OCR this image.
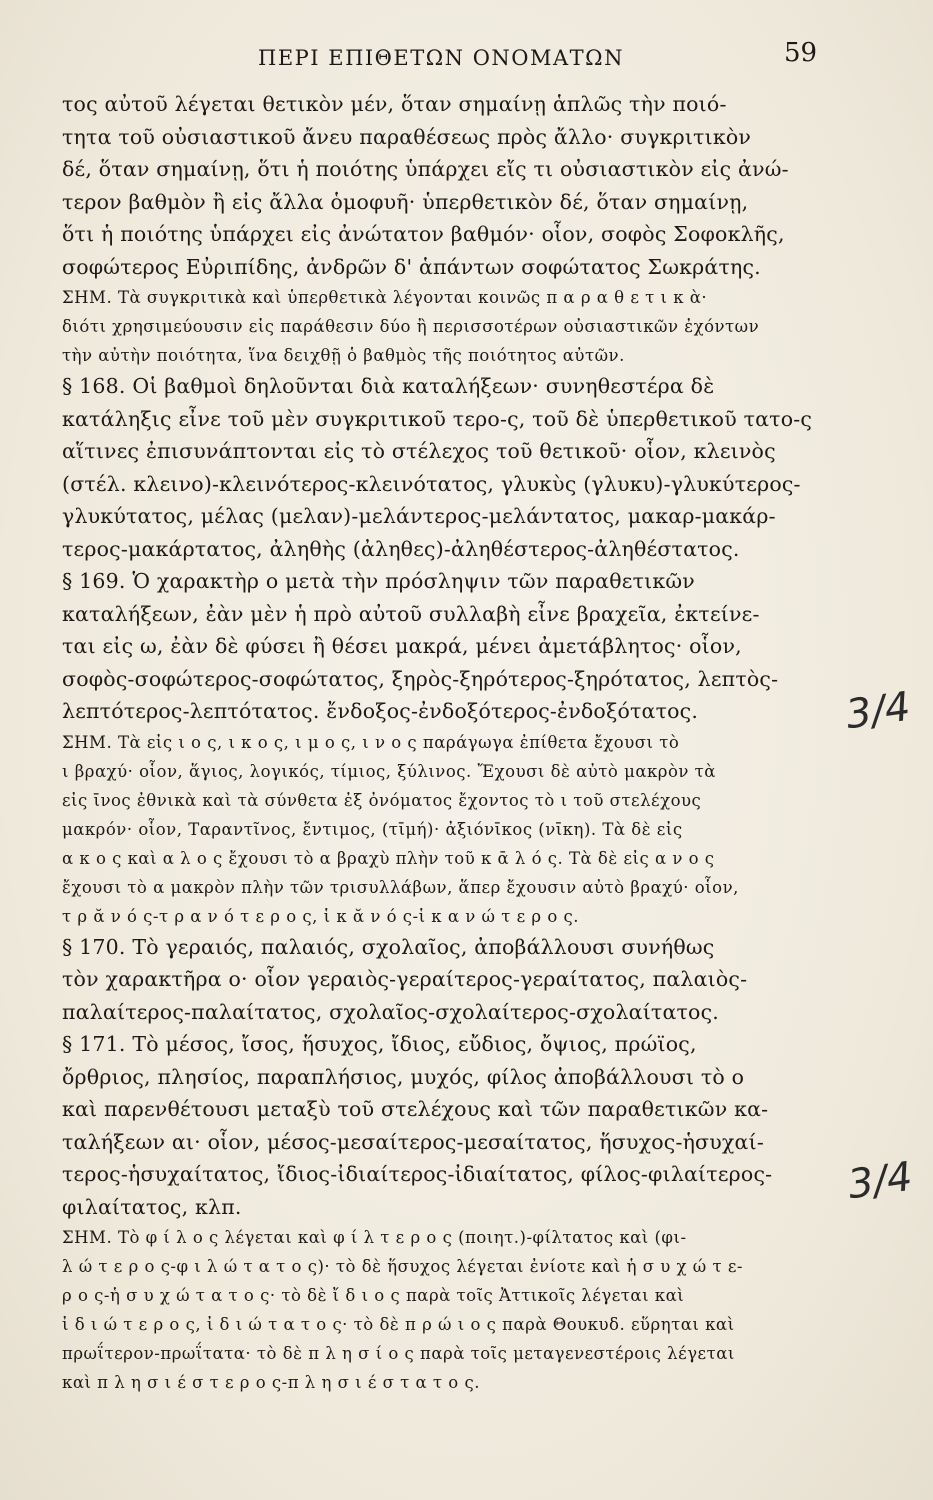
ΠΕΡΙ ΕΠΙΘΕΤΩΝ ΟΝΟΜΑΤΩΝ	59
τος αὐτοῦ λέγεται θετικὸν μέν, ὅταν σημαίνῃ ἁπλῶς τὴν ποιό-
τητα τοῦ οὐσιαστικοῦ ἄνευ παραθέσεως πρὸς ἄλλο· συγκριτικὸν
δέ, ὅταν σημαίνῃ, ὅτι ἡ ποιότης ὑπάρχει εἴς τι οὐσιαστικὸν εἰς ἀνώ-
τερον βαθμὸν ἢ εἰς ἄλλα ὁμοφυῆ· ὑπερθετικὸν δέ, ὅταν σημαίνῃ,
ὅτι ἡ ποιότης ὑπάρχει εἰς ἀνώτατον βαθμόν· οἷον, σοφὸς Σοφοκλῆς,
σοφώτερος Εὐριπίδης, ἀνδρῶν δ' ἁπάντων σοφώτατος Σωκράτης.
ΣΗΜ. Τὰ συγκριτικὰ καὶ ὑπερθετικὰ λέγονται κοινῶς π α ρ α θ ε τ ι κ ὰ·
διότι χρησιμεύουσιν εἰς παράθεσιν δύο ἢ περισσοτέρων οὐσιαστικῶν ἐχόντων
τὴν αὐτὴν ποιότητα, ἵνα δειχθῇ ὁ βαθμὸς τῆς ποιότητος αὐτῶν.
§ 168. Οἱ βαθμοὶ δηλοῦνται διὰ καταλήξεων· συνηθεστέρα δὲ
κατάληξις εἶνε τοῦ μὲν συγκριτικοῦ τερο-ς, τοῦ δὲ ὑπερθετικοῦ τατο-ς
αἵτινες ἐπισυνάπτονται εἰς τὸ στέλεχος τοῦ θετικοῦ· οἷον, κλεινὸς
(στέλ. κλεινο)-κλεινότερος-κλεινότατος, γλυκὺς (γλυκυ)-γλυκύτερος-
γλυκύτατος, μέλας (μελαν)-μελάντερος-μελάντατος, μακαρ-μακάρ-
τερος-μακάρτατος, ἀληθὴς (ἀληθες)-ἀληθέστερος-ἀληθέστατος.
§ 169. Ὁ χαρακτὴρ ο μετὰ τὴν πρόσληψιν τῶν παραθετικῶν
καταλήξεων, ἐὰν μὲν ἡ πρὸ αὐτοῦ συλλαβὴ εἶνε βραχεῖα, ἐκτείνε-
ται εἰς ω, ἐὰν δὲ φύσει ἢ θέσει μακρά, μένει ἀμετάβλητος· οἷον,
σοφὸς-σοφώτερος-σοφώτατος, ξηρὸς-ξηρότερος-ξηρότατος, λεπτὸς-
λεπτότερος-λεπτότατος. ἔνδοξος-ἐνδοξότερος-ἐνδοξότατος.
ΣΗΜ. Τὰ εἰς ι ο ς, ι κ ο ς, ι μ ο ς, ι ν ο ς παράγωγα ἐπίθετα ἔχουσι τὸ
ι βραχύ· οἷον, ἅγιος, λογικός, τίμιος, ξύλινος. Ἔχουσι δὲ αὐτὸ μακρὸν τὰ
εἰς ῑνος ἐθνικὰ καὶ τὰ σύνθετα ἐξ ὀνόματος ἔχοντος τὸ ι τοῦ στελέχους
μακρόν· οἷον, Ταραντῖνος, ἔντιμος, (τῑμή)· ἀξιόνῑκος (νῑκη). Τὰ δὲ εἰς
α κ ο ς καὶ α λ ο ς ἔχουσι τὸ α βραχὺ πλὴν τοῦ κ ᾱ λ ό ς. Τὰ δὲ εἰς α ν ο ς
ἔχουσι τὸ α μακρὸν πλὴν τῶν τρισυλλάβων, ἅπερ ἔχουσιν αὐτὸ βραχύ· οἷον,
τ ρ ᾰ ν ό ς-τ ρ α ν ό τ ε ρ ο ς, ἱ κ ᾰ ν ό ς-ἱ κ α ν ώ τ ε ρ ο ς.
§ 170. Τὸ γεραιός, παλαιός, σχολαῖος, ἀποβάλλουσι συνήθως
τὸν χαρακτῆρα ο· οἷον γεραιὸς-γεραίτερος-γεραίτατος, παλαιὸς-
παλαίτερος-παλαίτατος, σχολαῖος-σχολαίτερος-σχολαίτατος.
§ 171. Τὸ μέσος, ἴσος, ἥσυχος, ἴδιος, εὔδιος, ὄψιος, πρώϊος,
ὄρθριος, πλησίος, παραπλήσιος, μυχός, φίλος ἀποβάλλουσι τὸ ο
καὶ παρενθέτουσι μεταξὺ τοῦ στελέχους καὶ τῶν παραθετικῶν κα-
ταλήξεων αι· οἷον, μέσος-μεσαίτερος-μεσαίτατος, ἥσυχος-ἡσυχαί-
τερος-ἡσυχαίτατος, ἴδιος-ἰδιαίτερος-ἰδιαίτατος, φίλος-φιλαίτερος-
φιλαίτατος, κλπ.
ΣΗΜ. Τὸ φ ί λ ο ς λέγεται καὶ φ ί λ τ ε ρ ο ς (ποιητ.)-φίλτατος καὶ (φι-
λ ώ τ ε ρ ο ς-φ ι λ ώ τ α τ ο ς)· τὸ δὲ ἥσυχος λέγεται ἐνίοτε καὶ ἡ σ υ χ ώ τ ε-
ρ ο ς-ἡ σ υ χ ώ τ α τ ο ς· τὸ δὲ ἴ δ ι ο ς παρὰ τοῖς Ἀττικοῖς λέγεται καὶ
ἰ δ ι ώ τ ε ρ ο ς, ἰ δ ι ώ τ α τ ο ς· τὸ δὲ π ρ ώ ι ο ς παρὰ Θουκυδ. εὕρηται καὶ
πρωΐτερον-πρωΐτατα· τὸ δὲ π λ η σ ί ο ς παρὰ τοῖς μεταγενεστέροις λέγεται
καὶ π λ η σ ι έ σ τ ε ρ ο ς-π λ η σ ι έ σ τ α τ ο ς.
3/4
3/4
